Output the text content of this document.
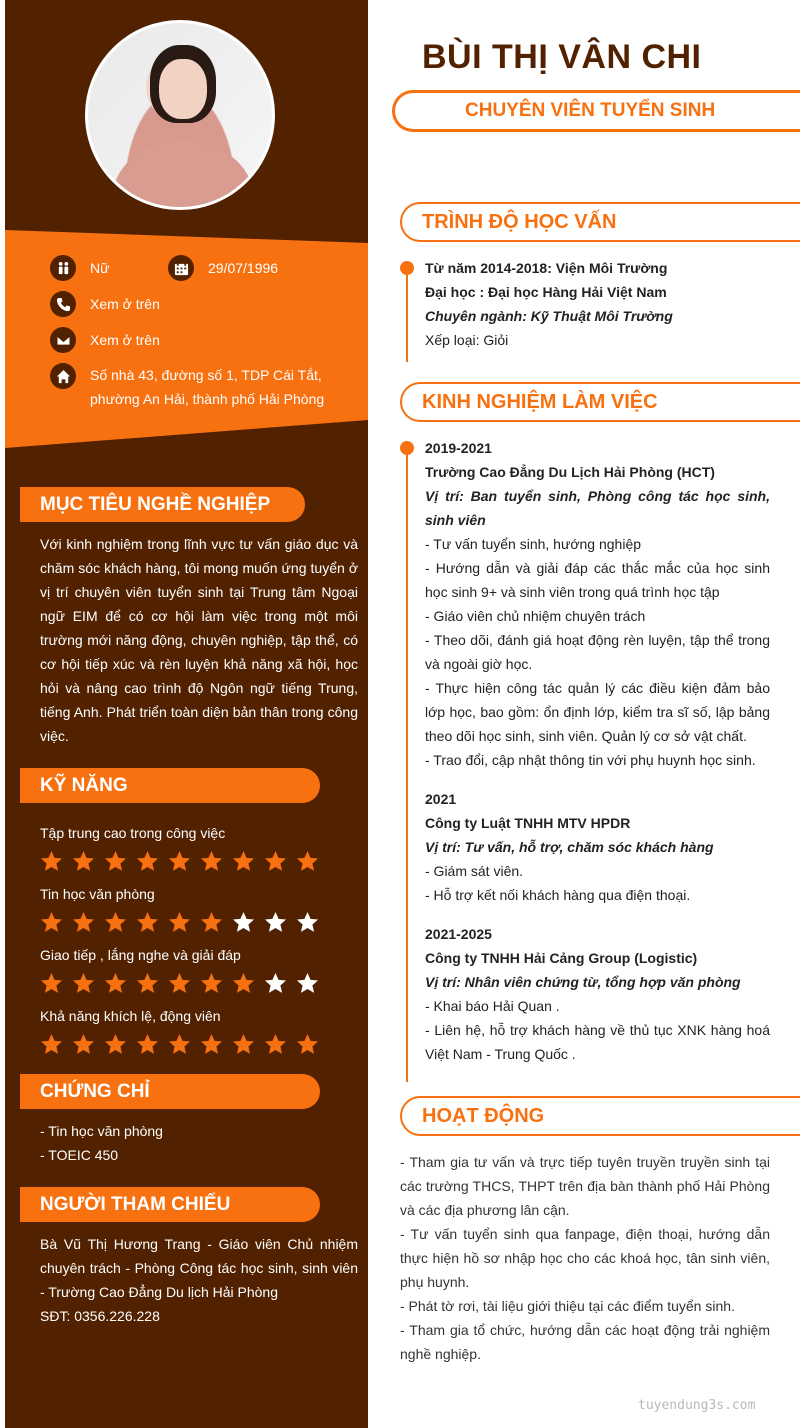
Nữ	29/07/1996
Xem ở trên
Xem ở trên
Số nhà 43, đường số 1, TDP Cái Tắt,
phường An Hải, thành phố Hải Phòng
MỤC TIÊU NGHỀ NGHIỆP
Với kinh nghiệm trong lĩnh vực tư vấn giáo dục và chăm sóc khách hàng, tôi mong muốn ứng tuyển ở vị trí chuyên viên tuyển sinh tại Trung tâm Ngoại ngữ EIM để có cơ hội làm việc trong một môi trường mới năng động, chuyên nghiệp, tập thể, có cơ hội tiếp xúc và rèn luyện khả năng xã hội, học hỏi và nâng cao trình độ Ngôn ngữ tiếng Trung, tiếng Anh. Phát triển toàn diện bản thân trong công việc.
KỸ NĂNG
Tập trung cao trong công việc
Tin học văn phòng
Giao tiếp , lắng nghe và giải đáp
Khả năng khích lệ, động viên
CHỨNG CHỈ
- Tin học văn phòng
- TOEIC 450
NGƯỜI THAM CHIẾU
Bà Vũ Thị Hương Trang - Giáo viên Chủ nhiệm chuyên trách - Phòng Công tác học sinh, sinh viên - Trường Cao Đẳng Du lịch Hải Phòng
SĐT: 0356.226.228
BÙI THỊ VÂN CHI
CHUYÊN VIÊN TUYỂN SINH
TRÌNH ĐỘ HỌC VẤN
Từ năm 2014-2018: Viện Môi Trường
Đại học : Đại học Hàng Hải Việt Nam
Chuyên ngành: Kỹ Thuật Môi Trường
Xếp loại: Giỏi
KINH NGHIỆM LÀM VIỆC
2019-2021
Trường Cao Đẳng Du Lịch Hải Phòng (HCT)
Vị trí: Ban tuyển sinh, Phòng công tác học sinh, sinh viên
- Tư vấn tuyển sinh, hướng nghiệp
- Hướng dẫn và giải đáp các thắc mắc của học sinh học sinh 9+ và sinh viên trong quá trình học tập
- Giáo viên chủ nhiệm chuyên trách
- Theo dõi, đánh giá hoạt động rèn luyện, tập thể trong và ngoài giờ học.
- Thực hiện công tác quản lý các điều kiện đảm bảo lớp học, bao gồm: ổn định lớp, kiểm tra sĩ số, lập bảng theo dõi học sinh, sinh viên. Quản lý cơ sở vật chất.
- Trao đổi, cập nhật thông tin với phụ huynh học sinh.
2021
Công ty Luật TNHH MTV HPDR
Vị trí: Tư vấn, hỗ trợ, chăm sóc khách hàng
- Giám sát viên.
- Hỗ trợ kết nối khách hàng qua điện thoại.
2021-2025
Công ty TNHH Hải Cảng Group (Logistic)
Vị trí: Nhân viên chứng từ, tổng hợp văn phòng
- Khai báo Hải Quan .
- Liên hệ, hỗ trợ khách hàng về thủ tục XNK hàng hoá Việt Nam - Trung Quốc .
HOẠT ĐỘNG
- Tham gia tư vấn và trực tiếp tuyên truyền truyền sinh tại các trường THCS, THPT trên địa bàn thành phố Hải Phòng và các địa phương lân cận.
- Tư vấn tuyển sinh qua fanpage, điện thoại, hướng dẫn thực hiện hồ sơ nhập học cho các khoá học, tân sinh viên, phụ huynh.
- Phát tờ rơi, tài liệu giới thiệu tại các điểm tuyển sinh.
- Tham gia tổ chức, hướng dẫn các hoạt động trải nghiệm nghề nghiệp.
tuyendung3s.com
